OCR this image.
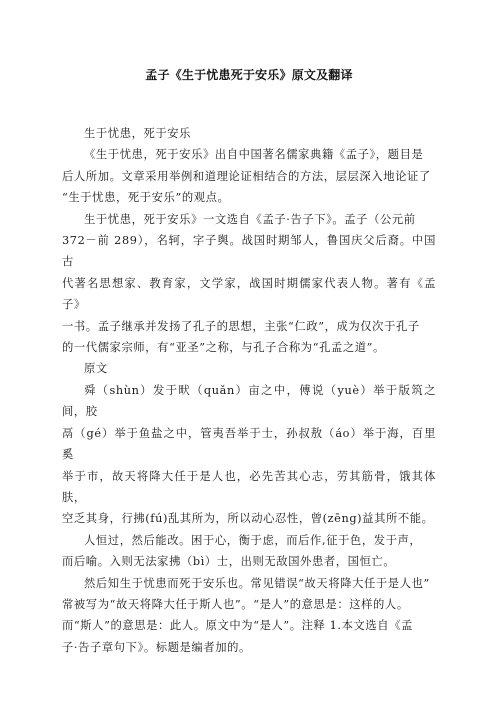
孟子《生于忧患死于安乐》原文及翻译

生于忧患，死于安乐

《生于忧患，死于安乐》出自中国著名儒家典籍《孟子》，题目是
后人所加。文章采用举例和道理论证相结合的方法，层层深入地论证了
“生于忧患，死于安乐”的观点。

生于忧患，死于安乐》一文选自《孟子·告子下》。孟子（公元前
372－前 289），名轲，字子舆。战国时期邹人，鲁国庆父后裔。中国古
代著名思想家、教育家，文学家，战国时期儒家代表人物。著有《孟子》
一书。孟子继承并发扬了孔子的思想，主张“仁政”，成为仅次于孔子
的一代儒家宗师，有“亚圣”之称，与孔子合称为“孔孟之道”。

原文

舜（shùn）发于畎（quǎn）亩之中，傅说（yuè）举于版筑之间，胶
鬲（gé）举于鱼盐之中，管夷吾举于士，孙叔敖（áo）举于海，百里奚
举于市，故天将降大任于是人也，必先苦其心志，劳其筋骨，饿其体肤，
空乏其身，行拂(fú)乱其所为，所以动心忍性，曾(zēng)益其所不能。

人恒过，然后能改。困于心，衡于虑，而后作,征于色，发于声，
而后喻。入则无法家拂（bì）士，出则无敌国外患者，国恒亡。

然后知生于忧患而死于安乐也。常见错误“故天将降大任于是人也”
常被写为“故天将降大任于斯人也”。“是人”的意思是：这样的人。
而“斯人”的意思是：此人。原文中为“是人”。注释 1.本文选自《孟
子·告子章句下》。标题是编者加的。
